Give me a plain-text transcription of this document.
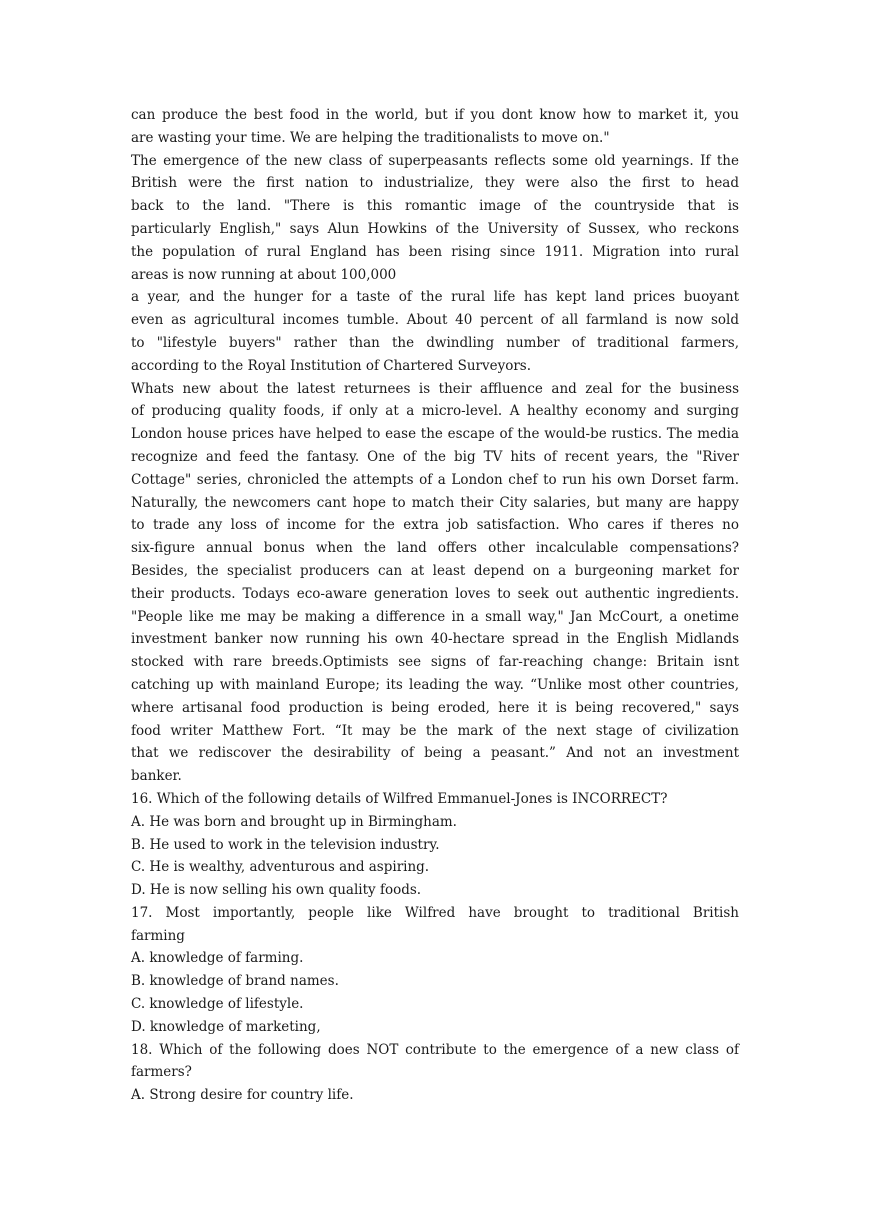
can produce the best food in the world, but if you dont know how to market it, you
are wasting your time. We are helping the traditionalists to move on."
The emergence of the new class of superpeasants reflects some old yearnings. If the
British were the first nation to industrialize, they were also the first to head
back to the land. "There is this romantic image of the countryside that is
particularly English," says Alun Howkins of the University of Sussex, who reckons
the population of rural England has been rising since 1911. Migration into rural
areas is now running at about 100,000
a year, and the hunger for a taste of the rural life has kept land prices buoyant
even as agricultural incomes tumble. About 40 percent of all farmland is now sold
to "lifestyle buyers" rather than the dwindling number of traditional farmers,
according to the Royal Institution of Chartered Surveyors.
Whats new about the latest returnees is their affluence and zeal for the business
of producing quality foods, if only at a micro-level. A healthy economy and surging
London house prices have helped to ease the escape of the would-be rustics. The media
recognize and feed the fantasy. One of the big TV hits of recent years, the "River
Cottage" series, chronicled the attempts of a London chef to run his own Dorset farm.
Naturally, the newcomers cant hope to match their City salaries, but many are happy
to trade any loss of income for the extra job satisfaction. Who cares if theres no
six-figure annual bonus when the land offers other incalculable compensations?
Besides, the specialist producers can at least depend on a burgeoning market for
their products. Todays eco-aware generation loves to seek out authentic ingredients.
"People like me may be making a difference in a small way," Jan McCourt, a onetime
investment banker now running his own 40-hectare spread in the English Midlands
stocked with rare breeds.Optimists see signs of far-reaching change: Britain isnt
catching up with mainland Europe; its leading the way. “Unlike most other countries,
where artisanal food production is being eroded, here it is being recovered," says
food writer Matthew Fort. “It may be the mark of the next stage of civilization
that we rediscover the desirability of being a peasant.” And not an investment
banker.
16. Which of the following details of Wilfred Emmanuel-Jones is INCORRECT?
A. He was born and brought up in Birmingham.
B. He used to work in the television industry.
C. He is wealthy, adventurous and aspiring.
D. He is now selling his own quality foods.
17. Most importantly, people like Wilfred have brought to traditional British
farming
A. knowledge of farming.
B. knowledge of brand names.
C. knowledge of lifestyle.
D. knowledge of marketing,
18. Which of the following does NOT contribute to the emergence of a new class of
farmers?
A. Strong desire for country life.
